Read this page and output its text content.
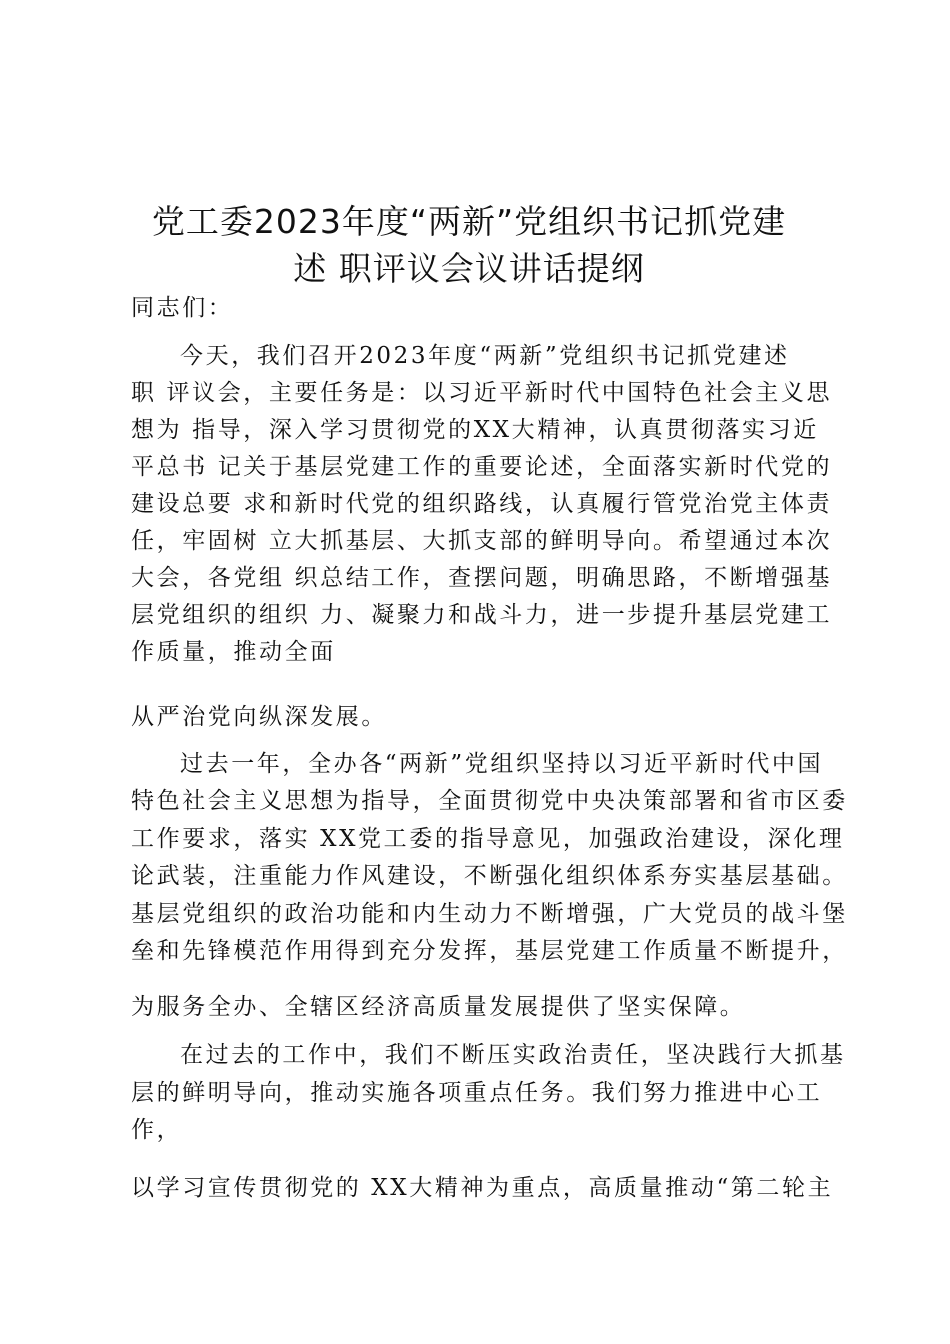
党工委2023年度“两新”党组织书记抓党建
述 职评议会议讲话提纲
同志们：
今天，我们召开2023年度“两新”党组织书记抓党建述
职 评议会，主要任务是：以习近平新时代中国特色社会主义思
想为 指导，深入学习贯彻党的XX大精神，认真贯彻落实习近
平总书 记关于基层党建工作的重要论述，全面落实新时代党的
建设总要 求和新时代党的组织路线，认真履行管党治党主体责
任，牢固树 立大抓基层、大抓支部的鲜明导向。希望通过本次
大会，各党组 织总结工作，查摆问题，明确思路，不断增强基
层党组织的组织 力、凝聚力和战斗力，进一步提升基层党建工
作质量，推动全面
从严治党向纵深发展。
过去一年，全办各“两新”党组织坚持以习近平新时代中国
特色社会主义思想为指导，全面贯彻党中央决策部署和省市区委
工作要求，落实 XX党工委的指导意见，加强政治建设，深化理
论武装，注重能力作风建设，不断强化组织体系夯实基层基础。
基层党组织的政治功能和内生动力不断增强，广大党员的战斗堡
垒和先锋模范作用得到充分发挥，基层党建工作质量不断提升，
为服务全办、全辖区经济高质量发展提供了坚实保障。
在过去的工作中，我们不断压实政治责任，坚决践行大抓基
层的鲜明导向，推动实施各项重点任务。我们努力推进中心工
作，
以学习宣传贯彻党的 XX大精神为重点，高质量推动“第二轮主
